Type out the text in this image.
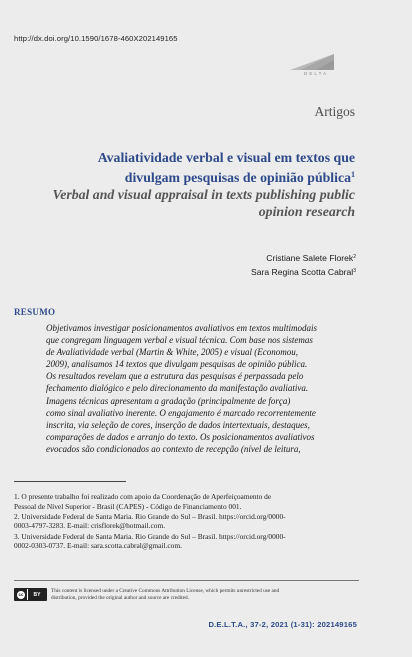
http://dx.doi.org/10.1590/1678-460X202149165
DELTA
Artigos
Avaliatividade verbal e visual em textos que
divulgam pesquisas de opinião pública$^1$
Verbal and visual appraisal in texts publishing public
opinion research
Cristiane Salete Florek$^2$
Sara Regina Scotta Cabral$^3$
RESUMO
Objetivamos investigar posicionamentos avaliativos em textos multimodais
que congregam linguagem verbal e visual técnica. Com base nos sistemas
de Avaliatividade verbal (Martin & White, 2005) e visual (Economou,
2009), analisamos 14 textos que divulgam pesquisas de opinião pública.
Os resultados revelam que a estrutura das pesquisas é perpassada pelo
fechamento dialógico e pelo direcionamento da manifestação avaliativa.
Imagens técnicas apresentam a gradação (principalmente de força)
como sinal avaliativo inerente. O engajamento é marcado recorrentemente
inscrita, via seleção de cores, inserção de dados intertextuais, destaques,
comparações de dados e arranjo do texto. Os posicionamentos avaliativos
evocados são condicionados ao contexto de recepção (nível de leitura,
1. O presente trabalho foi realizado com apoio da Coordenação de Aperfeiçoamento de
Pessoal de Nível Superior - Brasil (CAPES) - Código de Financiamento 001.
2. Universidade Federal de Santa Maria. Rio Grande do Sul – Brasil. https://orcid.org/0000-
0003-4797-3283. E-mail: crisflorek@hotmail.com.
3. Universidade Federal de Santa Maria. Rio Grande do Sul – Brasil. https://orcid.org/0000-
0002-0303-0737. E-mail: sara.scotta.cabral@gmail.com.
cc	BY
This content is licensed under a Creative Commons Attribution License, which permits unrestricted use and
distribution, provided the original author and source are credited.
D.E.L.T.A., 37-2, 2021 (1-31): 202149165
